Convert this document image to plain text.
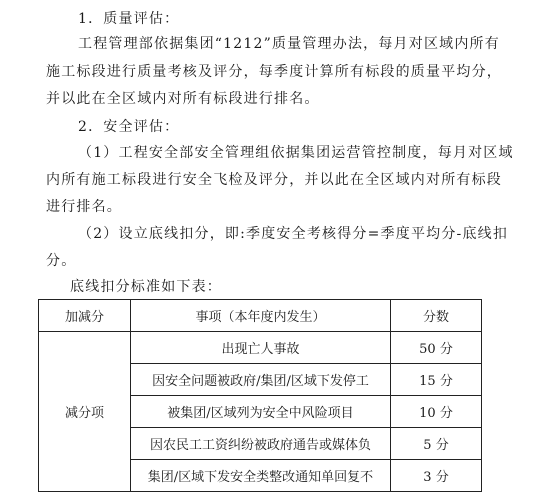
1．质量评估：
工程管理部依据集团“1212”质量管理办法，每月对区域内所有
施工标段进行质量考核及评分，每季度计算所有标段的质量平均分，
并以此在全区域内对所有标段进行排名。
2．安全评估：
（1）工程安全部安全管理组依据集团运营管控制度，每月对区域
内所有施工标段进行安全飞检及评分，并以此在全区域内对所有标段
进行排名。
（2）设立底线扣分，即:季度安全考核得分=季度平均分-底线扣
分。
底线扣分标准如下表：
加减分	事项（本年度内发生）	分数
减分项	出现亡人事故	50 分
	因安全问题被政府/集团/区域下发停工	15 分
	被集团/区域列为安全中风险项目	10 分
	因农民工工资纠纷被政府通告或媒体负	5 分
	集团/区域下发安全类整改通知单回复不	3 分
